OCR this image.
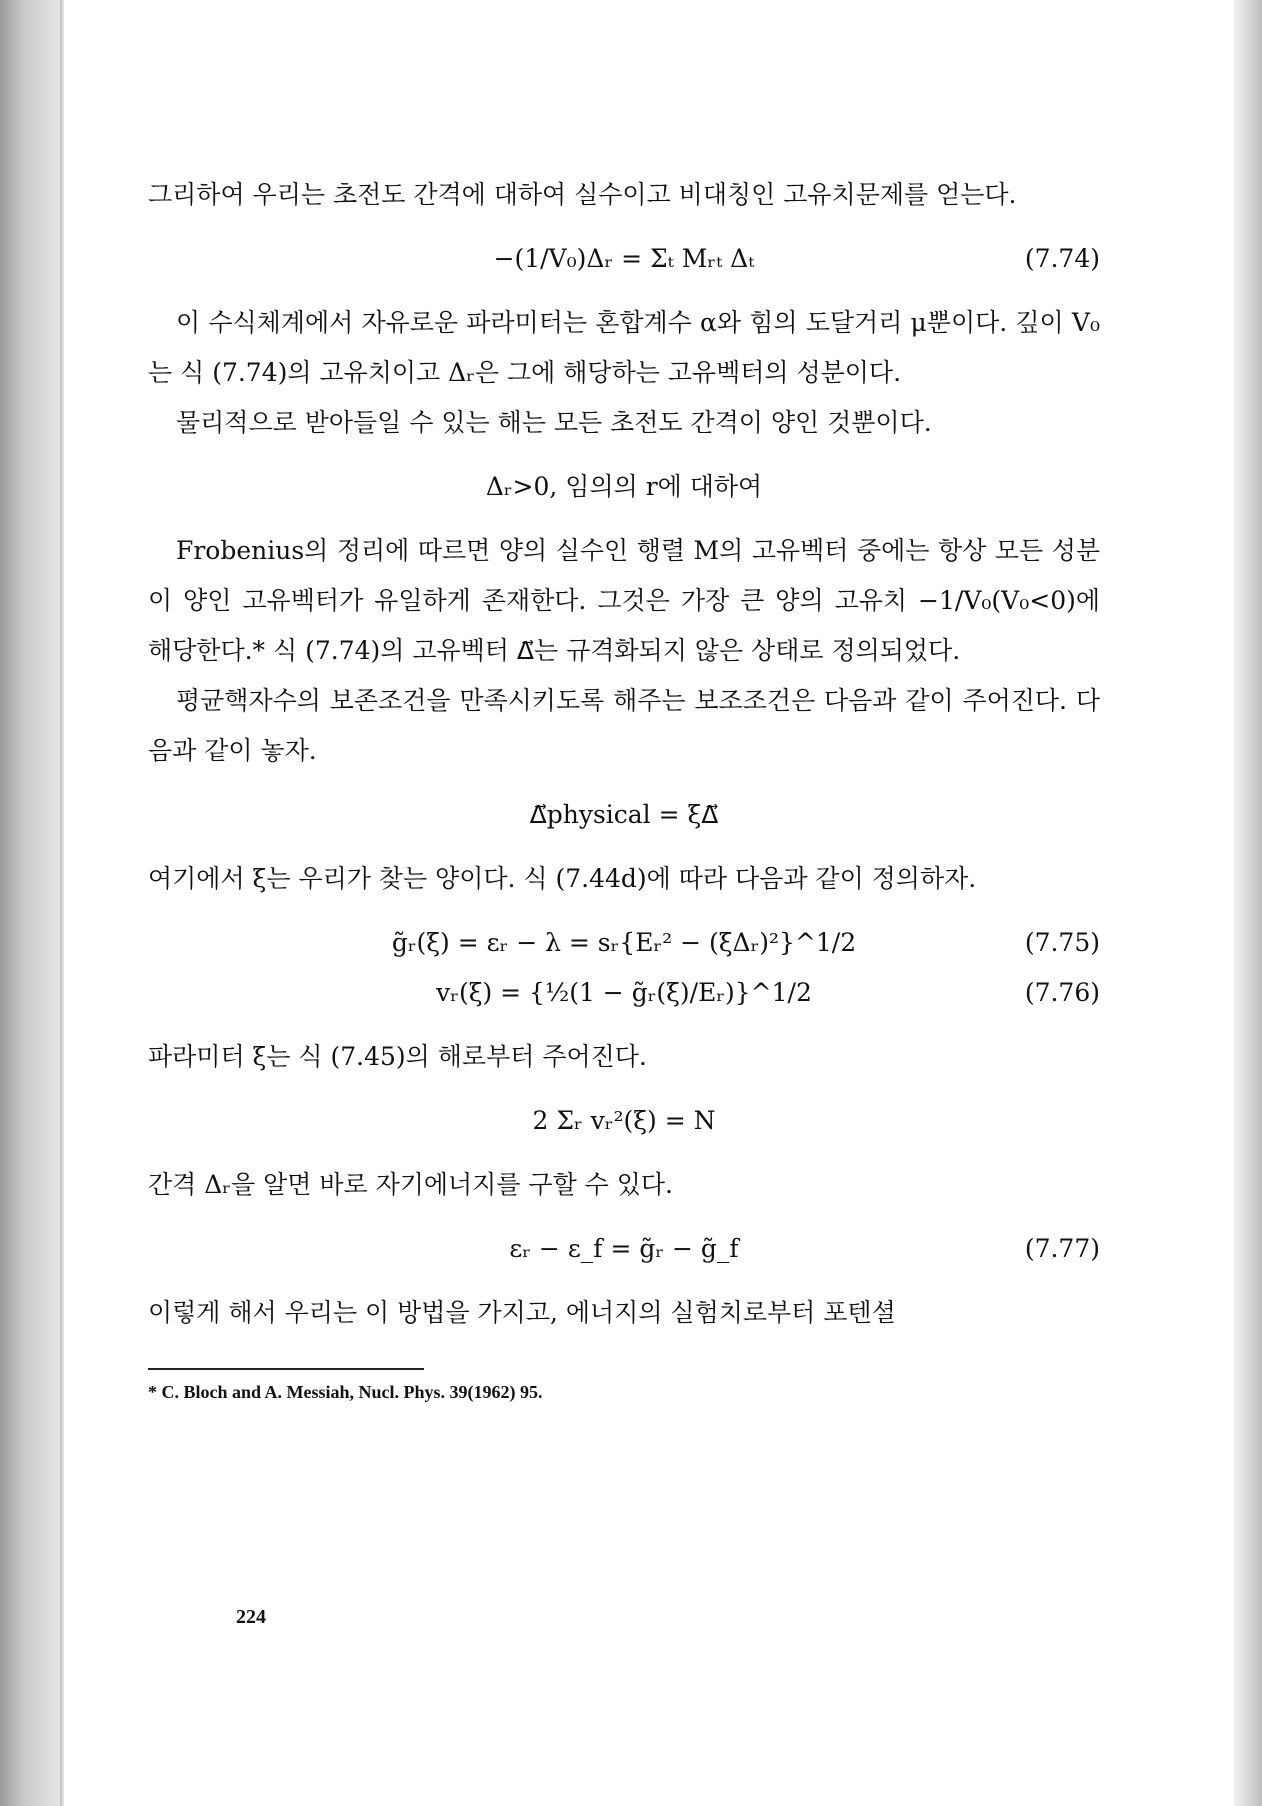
그리하여 우리는 초전도 간격에 대하여 실수이고 비대칭인 고유치문제를 얻는다.

−(1/V₀)Δᵣ = Σₜ Mᵣₜ Δₜ	(7.74)

이 수식체계에서 자유로운 파라미터는 혼합계수 α와 힘의 도달거리 μ뿐이다. 깊이 V₀는 식 (7.74)의 고유치이고 Δᵣ은 그에 해당하는 고유벡터의 성분이다.

물리적으로 받아들일 수 있는 해는 모든 초전도 간격이 양인 것뿐이다.

Δᵣ>0, 임의의 r에 대하여

Frobenius의 정리에 따르면 양의 실수인 행렬 M의 고유벡터 중에는 항상 모든 성분이 양인 고유벡터가 유일하게 존재한다. 그것은 가장 큰 양의 고유치 −1/V₀(V₀<0)에 해당한다.* 식 (7.74)의 고유벡터 Δ⃗는 규격화되지 않은 상태로 정의되었다.

평균핵자수의 보존조건을 만족시키도록 해주는 보조조건은 다음과 같이 주어진다. 다음과 같이 놓자.

Δ⃗physical = ξΔ⃗

여기에서 ξ는 우리가 찾는 양이다. 식 (7.44d)에 따라 다음과 같이 정의하자.

g̃ᵣ(ξ) = εᵣ − λ = sᵣ{Eᵣ² − (ξΔᵣ)²}^1/2	(7.75)
vᵣ(ξ) = {½(1 − g̃ᵣ(ξ)/Eᵣ)}^1/2	(7.76)

파라미터 ξ는 식 (7.45)의 해로부터 주어진다.

2 Σᵣ vᵣ²(ξ) = N

간격 Δᵣ을 알면 바로 자기에너지를 구할 수 있다.

εᵣ − ε_f = g̃ᵣ − g̃_f	(7.77)

이렇게 해서 우리는 이 방법을 가지고, 에너지의 실험치로부터 포텐셜

* C. Bloch and A. Messiah, Nucl. Phys. 39(1962) 95.
224
